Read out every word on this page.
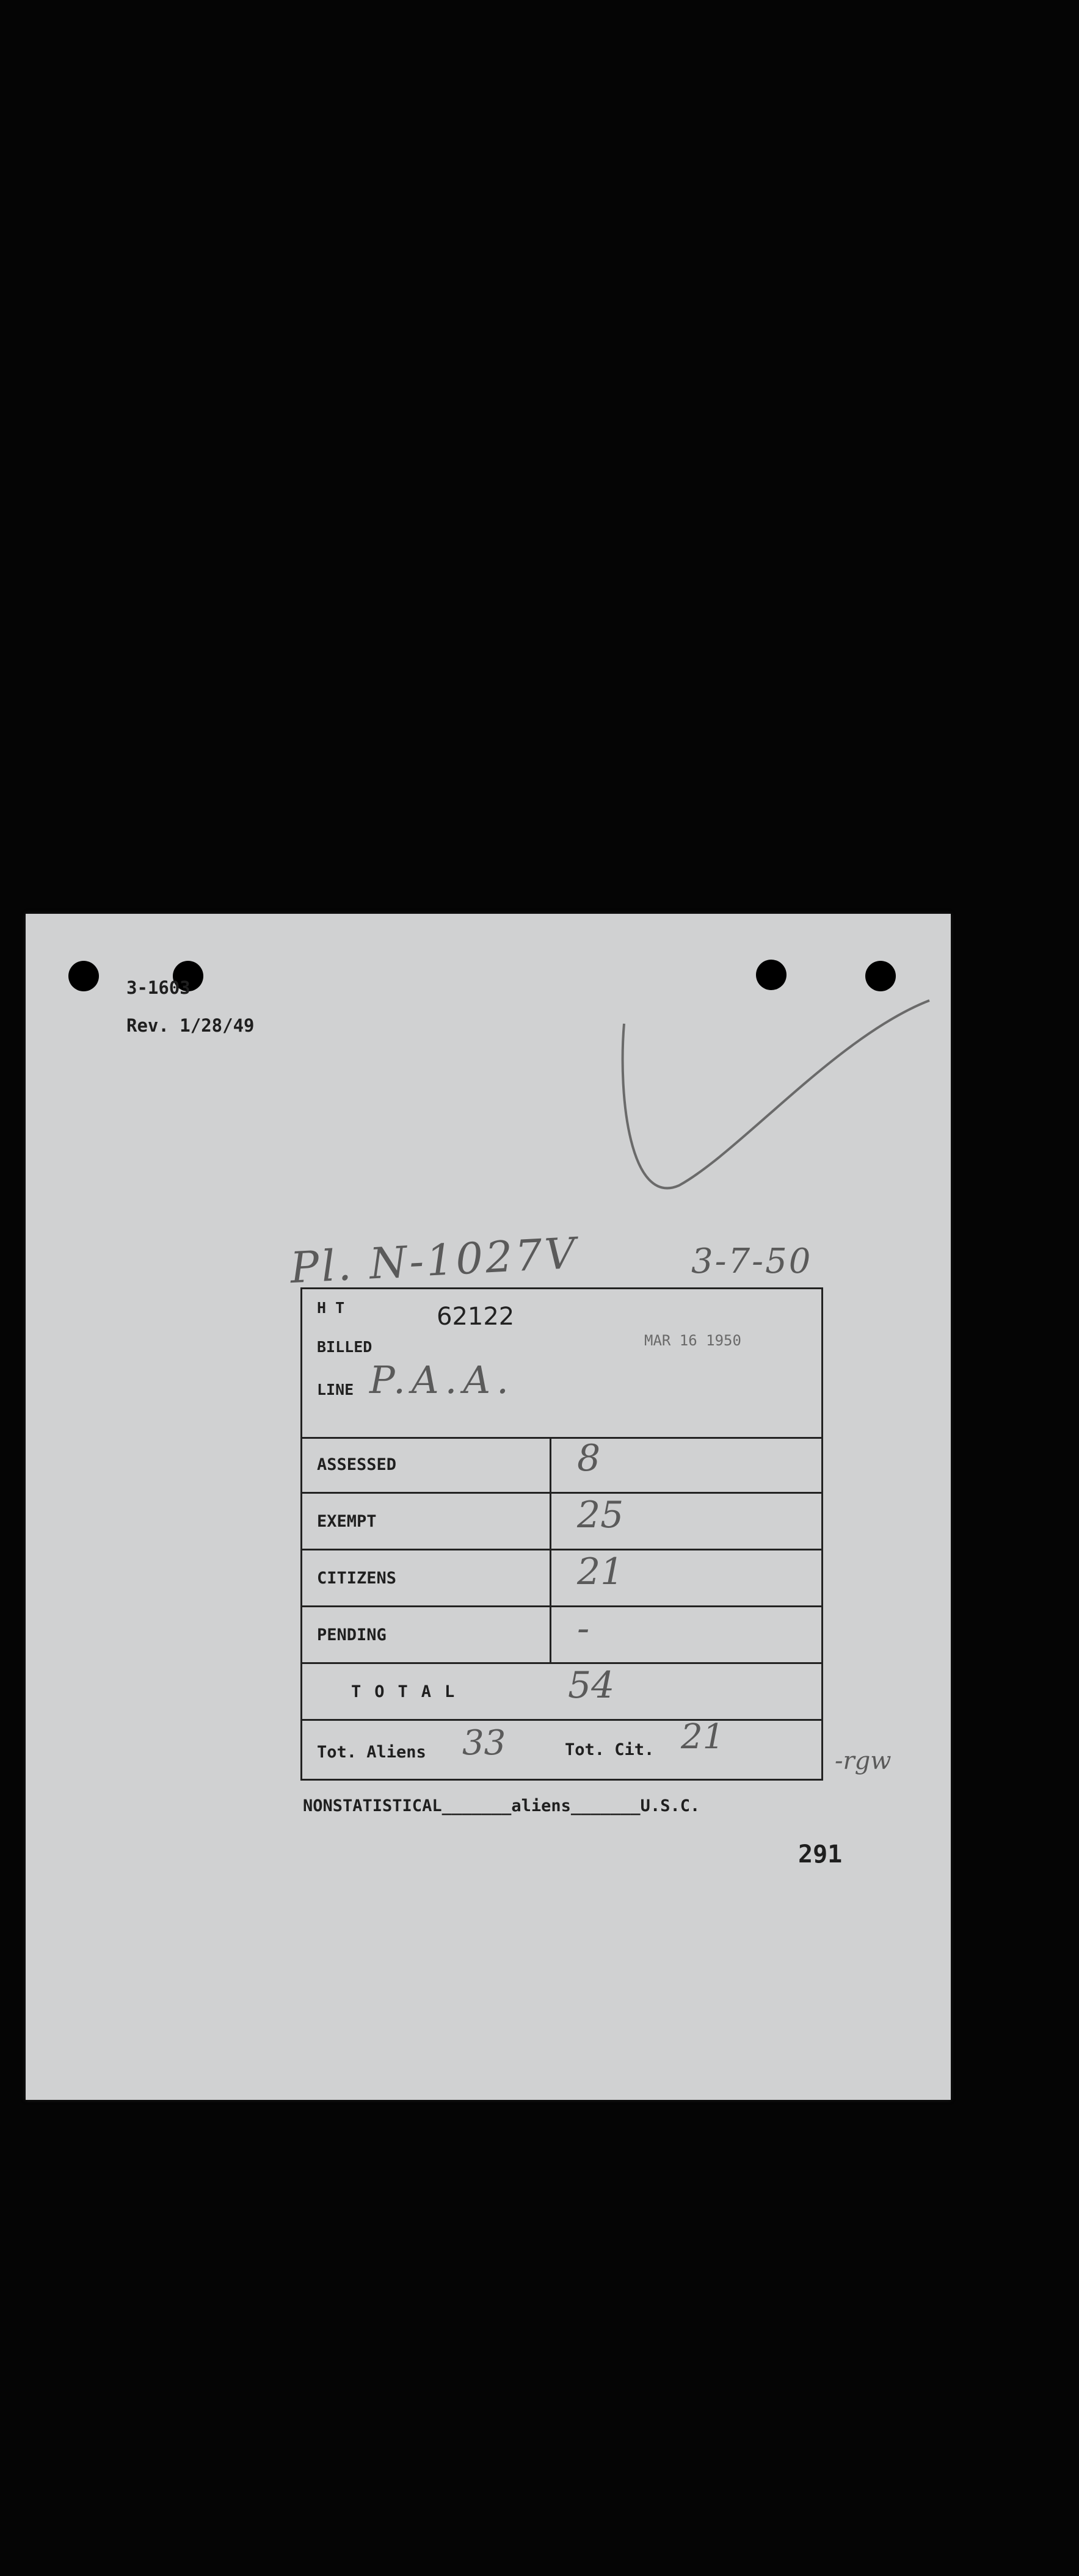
3-1603
Rev. 1/28/49
Pl. N-1027V	3-7-50
H T	62122
BILLED
LINE P.A.A.
MAR 16 1950
ASSESSED	8
EXEMPT	25
CITIZENS	21
PENDING	-
TOTAL	54
Tot. Aliens 33	Tot. Cit. 21
-rgw
NONSTATISTICAL_______aliens_______U.S.C.
291
